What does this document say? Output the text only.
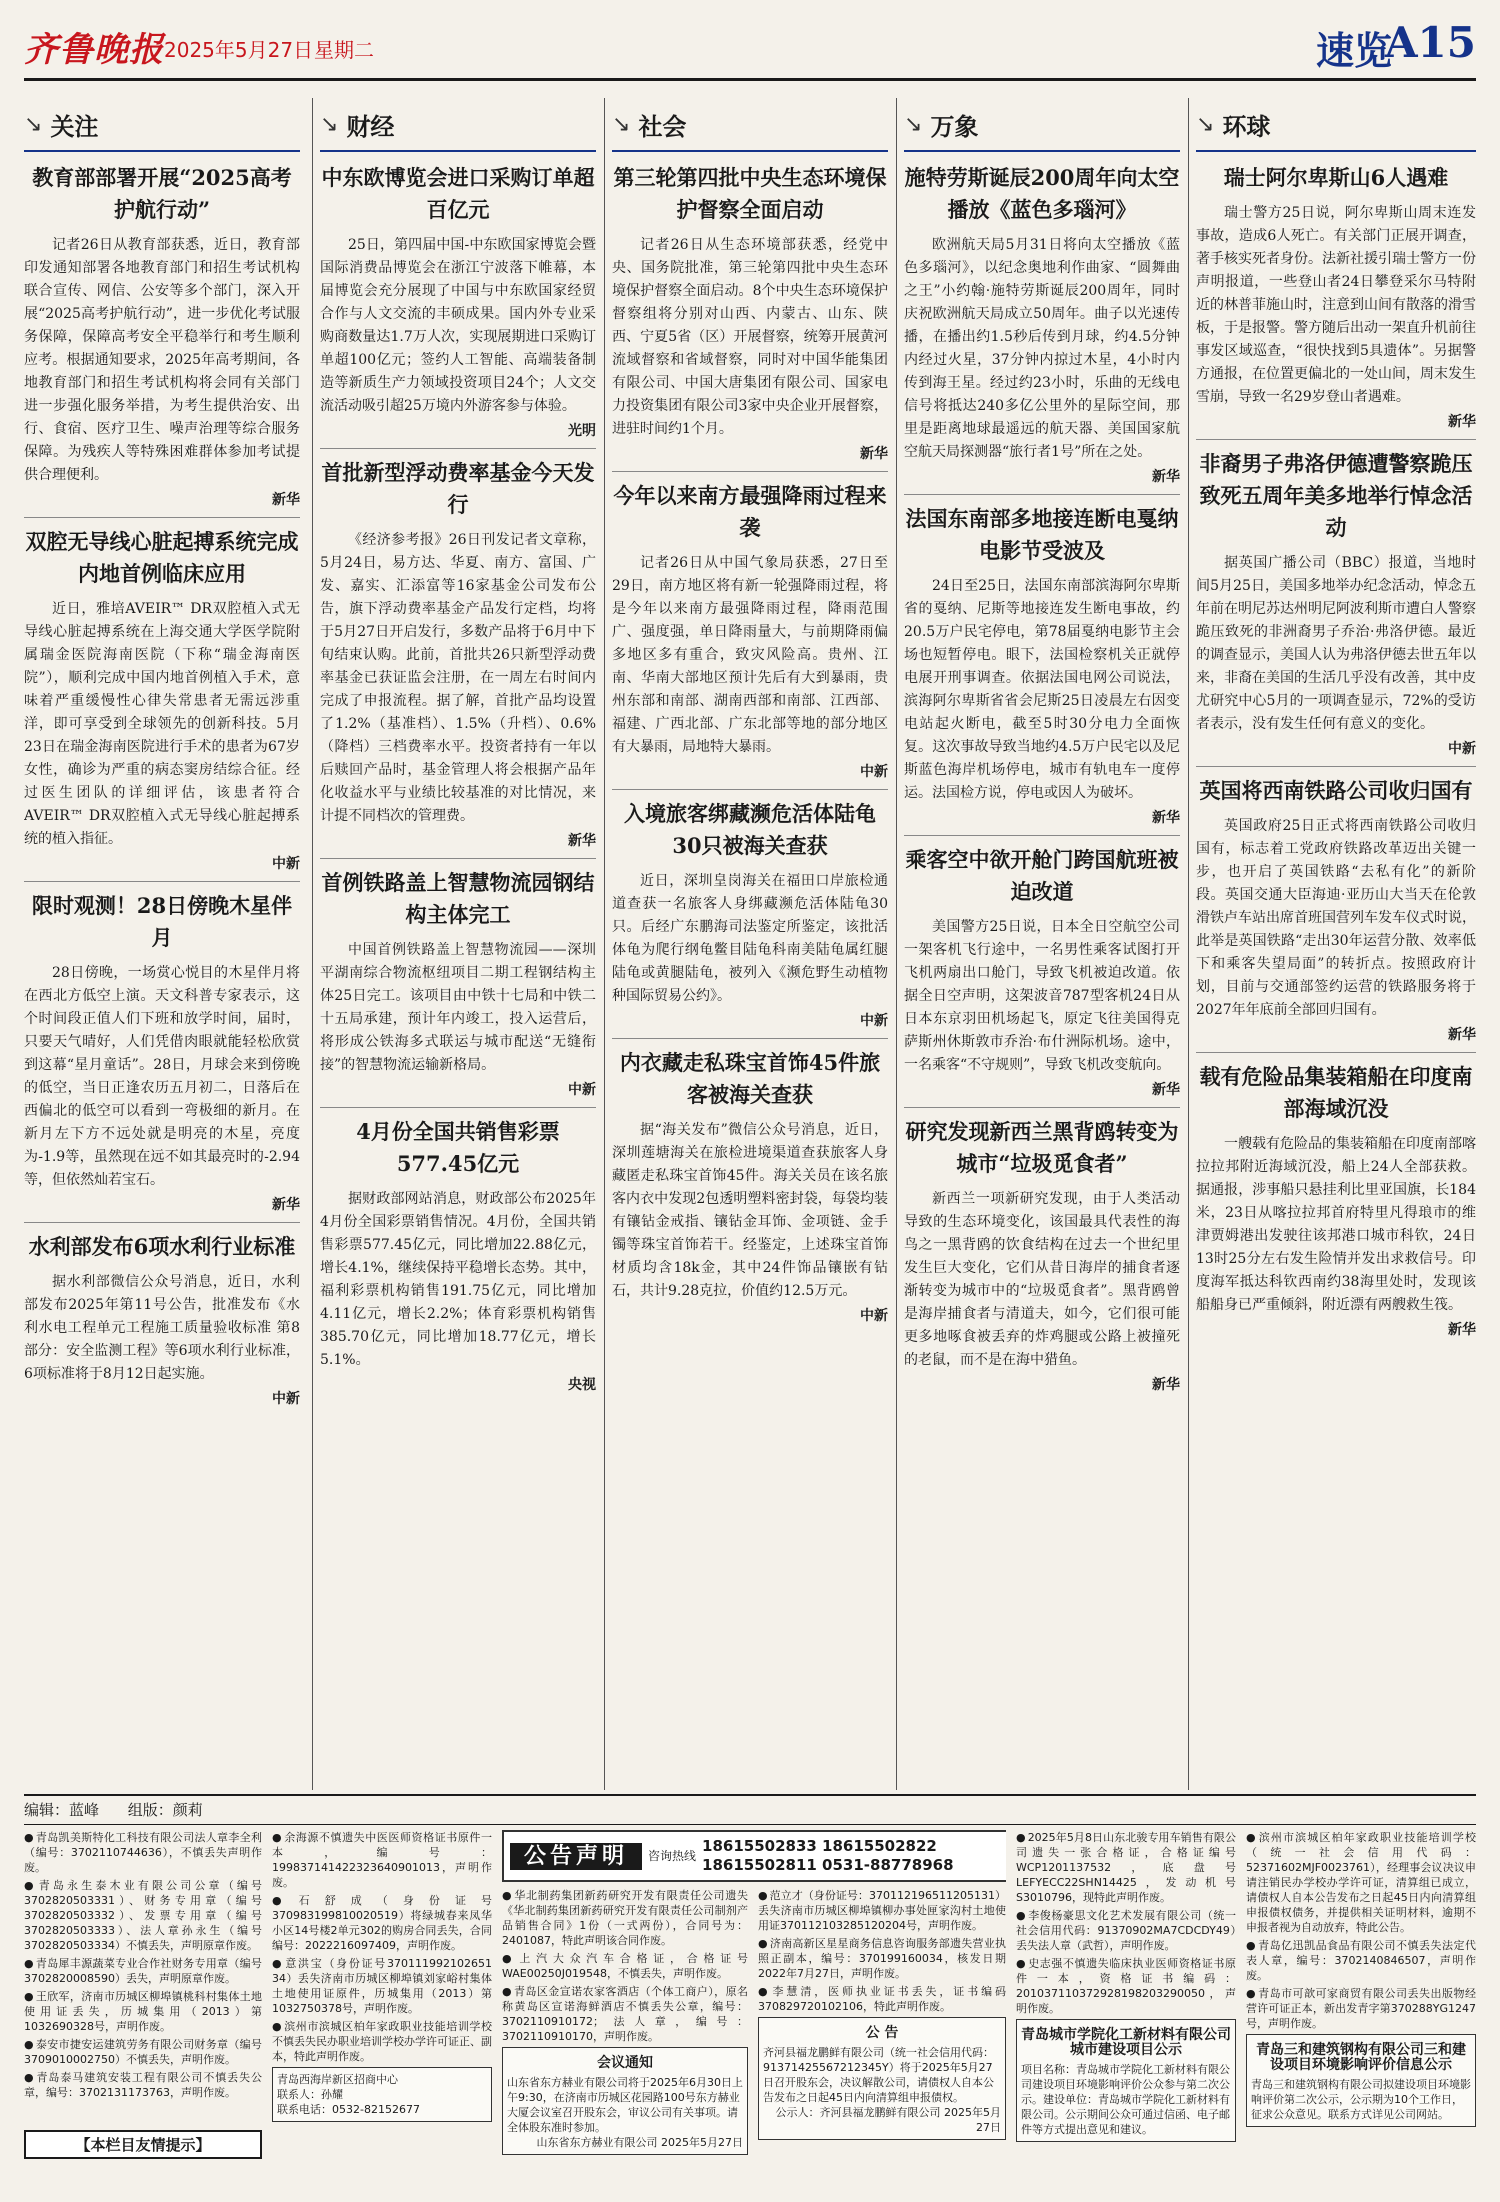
齐鲁晚报 2025年5月27日 星期二	速览
A15
↘ 关注
教育部部署开展“2025高考护航行动”

记者26日从教育部获悉，近日，教育部印发通知部署各地教育部门和招生考试机构联合宣传、网信、公安等多个部门，深入开展“2025高考护航行动”，进一步优化考试服务保障，保障高考安全平稳举行和考生顺利应考。根据通知要求，2025年高考期间，各地教育部门和招生考试机构将会同有关部门进一步强化服务举措，为考生提供治安、出行、食宿、医疗卫生、噪声治理等综合服务保障。为残疾人等特殊困难群体参加考试提供合理便利。

新华
双腔无导线心脏起搏系统完成内地首例临床应用

近日，雅培AVEIR™ DR双腔植入式无导线心脏起搏系统在上海交通大学医学院附属瑞金医院海南医院（下称“瑞金海南医院”），顺利完成中国内地首例植入手术，意味着严重缓慢性心律失常患者无需远涉重洋，即可享受到全球领先的创新科技。5月23日在瑞金海南医院进行手术的患者为67岁女性，确诊为严重的病态窦房结综合征。经过医生团队的详细评估，该患者符合AVEIR™ DR双腔植入式无导线心脏起搏系统的植入指征。

中新
限时观测！28日傍晚木星伴月

28日傍晚，一场赏心悦目的木星伴月将在西北方低空上演。天文科普专家表示，这个时间段正值人们下班和放学时间，届时，只要天气晴好，人们凭借肉眼就能轻松欣赏到这幕“星月童话”。28日，月球会来到傍晚的低空，当日正逢农历五月初二，日落后在西偏北的低空可以看到一弯极细的新月。在新月左下方不远处就是明亮的木星，亮度为-1.9等，虽然现在远不如其最亮时的-2.94等，但依然灿若宝石。

新华
水利部发布6项水利行业标准

据水利部微信公众号消息，近日，水利部发布2025年第11号公告，批准发布《水利水电工程单元工程施工质量验收标准 第8部分：安全监测工程》等6项水利行业标准，6项标准将于8月12日起实施。

中新
↘ 财经
中东欧博览会进口采购订单超百亿元

25日，第四届中国-中东欧国家博览会暨国际消费品博览会在浙江宁波落下帷幕，本届博览会充分展现了中国与中东欧国家经贸合作与人文交流的丰硕成果。国内外专业采购商数量达1.7万人次，实现展期进口采购订单超100亿元；签约人工智能、高端装备制造等新质生产力领域投资项目24个；人文交流活动吸引超25万境内外游客参与体验。

光明
首批新型浮动费率基金今天发行

《经济参考报》26日刊发记者文章称，5月24日，易方达、华夏、南方、富国、广发、嘉实、汇添富等16家基金公司发布公告，旗下浮动费率基金产品发行定档，均将于5月27日开启发行，多数产品将于6月中下旬结束认购。此前，首批共26只新型浮动费率基金已获证监会注册，在一周左右时间内完成了申报流程。据了解，首批产品均设置了1.2%（基准档）、1.5%（升档）、0.6%（降档）三档费率水平。投资者持有一年以后赎回产品时，基金管理人将会根据产品年化收益水平与业绩比较基准的对比情况，来计提不同档次的管理费。

新华
首例铁路盖上智慧物流园钢结构主体完工

中国首例铁路盖上智慧物流园——深圳平湖南综合物流枢纽项目二期工程钢结构主体25日完工。该项目由中铁十七局和中铁二十五局承建，预计年内竣工，投入运营后，将形成公铁海多式联运与城市配送“无缝衔接”的智慧物流运输新格局。

中新
4月份全国共销售彩票577.45亿元

据财政部网站消息，财政部公布2025年4月份全国彩票销售情况。4月份，全国共销售彩票577.45亿元，同比增加22.88亿元，增长4.1%，继续保持平稳增长态势。其中，福利彩票机构销售191.75亿元，同比增加4.11亿元，增长2.2%；体育彩票机构销售385.70亿元，同比增加18.77亿元，增长5.1%。

央视
↘ 社会
第三轮第四批中央生态环境保护督察全面启动

记者26日从生态环境部获悉，经党中央、国务院批准，第三轮第四批中央生态环境保护督察全面启动。8个中央生态环境保护督察组将分别对山西、内蒙古、山东、陕西、宁夏5省（区）开展督察，统筹开展黄河流域督察和省域督察，同时对中国华能集团有限公司、中国大唐集团有限公司、国家电力投资集团有限公司3家中央企业开展督察，进驻时间约1个月。

新华
今年以来南方最强降雨过程来袭

记者26日从中国气象局获悉，27日至29日，南方地区将有新一轮强降雨过程，将是今年以来南方最强降雨过程，降雨范围广、强度强，单日降雨量大，与前期降雨偏多地区多有重合，致灾风险高。贵州、江南、华南大部地区预计先后有大到暴雨，贵州东部和南部、湖南西部和南部、江西部、福建、广西北部、广东北部等地的部分地区有大暴雨，局地特大暴雨。

中新
入境旅客绑藏濒危活体陆龟30只被海关查获

近日，深圳皇岗海关在福田口岸旅检通道查获一名旅客人身绑藏濒危活体陆龟30只。后经广东鹏海司法鉴定所鉴定，该批活体龟为爬行纲龟鳖目陆龟科南美陆龟属红腿陆龟或黄腿陆龟，被列入《濒危野生动植物种国际贸易公约》。

中新
内衣藏走私珠宝首饰45件旅客被海关查获

据“海关发布”微信公众号消息，近日，深圳莲塘海关在旅检进境渠道查获旅客人身藏匿走私珠宝首饰45件。海关关员在该名旅客内衣中发现2包透明塑料密封袋，每袋均装有镶钻金戒指、镶钻金耳饰、金项链、金手镯等珠宝首饰若干。经鉴定，上述珠宝首饰材质均含18k金，其中24件饰品镶嵌有钻石，共计9.28克拉，价值约12.5万元。

中新
↘ 万象
施特劳斯诞辰200周年向太空播放《蓝色多瑙河》

欧洲航天局5月31日将向太空播放《蓝色多瑙河》，以纪念奥地利作曲家、“圆舞曲之王”小约翰·施特劳斯诞辰200周年，同时庆祝欧洲航天局成立50周年。曲子以光速传播，在播出约1.5秒后传到月球，约4.5分钟内经过火星，37分钟内掠过木星，4小时内传到海王星。经过约23小时，乐曲的无线电信号将抵达240多亿公里外的星际空间，那里是距离地球最遥远的航天器、美国国家航空航天局探测器“旅行者1号”所在之处。

新华
法国东南部多地接连断电戛纳电影节受波及

24日至25日，法国东南部滨海阿尔卑斯省的戛纳、尼斯等地接连发生断电事故，约20.5万户民宅停电，第78届戛纳电影节主会场也短暂停电。眼下，法国检察机关正就停电展开刑事调查。依据法国电网公司说法，滨海阿尔卑斯省省会尼斯25日凌晨左右因变电站起火断电，截至5时30分电力全面恢复。这次事故导致当地约4.5万户民宅以及尼斯蓝色海岸机场停电，城市有轨电车一度停运。法国检方说，停电或因人为破坏。

新华
乘客空中欲开舱门跨国航班被迫改道

美国警方25日说，日本全日空航空公司一架客机飞行途中，一名男性乘客试图打开飞机两扇出口舱门，导致飞机被迫改道。依据全日空声明，这架波音787型客机24日从日本东京羽田机场起飞，原定飞往美国得克萨斯州休斯敦市乔治·布什洲际机场。途中，一名乘客“不守规则”，导致飞机改变航向。

新华
研究发现新西兰黑背鸥转变为城市“垃圾觅食者”

新西兰一项新研究发现，由于人类活动导致的生态环境变化，该国最具代表性的海鸟之一黑背鸥的饮食结构在过去一个世纪里发生巨大变化，它们从昔日海岸的捕食者逐渐转变为城市中的“垃圾觅食者”。黑背鸥曾是海岸捕食者与清道夫，如今，它们很可能更多地啄食被丢弃的炸鸡腿或公路上被撞死的老鼠，而不是在海中猎鱼。

新华
↘ 环球
瑞士阿尔卑斯山6人遇难

瑞士警方25日说，阿尔卑斯山周末连发事故，造成6人死亡。有关部门正展开调查，著手核实死者身份。法新社援引瑞士警方一份声明报道，一些登山者24日攀登采尔马特附近的林普菲施山时，注意到山间有散落的滑雪板，于是报警。警方随后出动一架直升机前往事发区域巡查，“很快找到5具遗体”。另据警方通报，在位置更偏北的一处山间，周末发生雪崩，导致一名29岁登山者遇难。

新华
非裔男子弗洛伊德遭警察跪压致死五周年美多地举行悼念活动

据英国广播公司（BBC）报道，当地时间5月25日，美国多地举办纪念活动，悼念五年前在明尼苏达州明尼阿波利斯市遭白人警察跪压致死的非洲裔男子乔治·弗洛伊德。最近的调查显示，美国人认为弗洛伊德去世五年以来，非裔在美国的生活几乎没有改善，其中皮尤研究中心5月的一项调查显示，72%的受访者表示，没有发生任何有意义的变化。

中新
英国将西南铁路公司收归国有

英国政府25日正式将西南铁路公司收归国有，标志着工党政府铁路改革迈出关键一步，也开启了英国铁路“去私有化”的新阶段。英国交通大臣海迪·亚历山大当天在伦敦滑铁卢车站出席首班国营列车发车仪式时说，此举是英国铁路“走出30年运营分散、效率低下和乘客失望局面”的转折点。按照政府计划，目前与交通部签约运营的铁路服务将于2027年年底前全部回归国有。

新华
载有危险品集装箱船在印度南部海域沉没

一艘载有危险品的集装箱船在印度南部喀拉拉邦附近海域沉没，船上24人全部获救。据通报，涉事船只悬挂利比里亚国旗，长184米，23日从喀拉拉邦首府特里凡得琅市的维津贾姆港出发驶往该邦港口城市科钦，24日13时25分左右发生险情并发出求救信号。印度海军抵达科钦西南约38海里处时，发现该船船身已严重倾斜，附近漂有两艘救生筏。

新华
编辑：蓝峰 组版：颜莉
● 青岛凯美斯特化工科技有限公司法人章李全利（编号：3702110744636），不慎丢失声明作废。
● 青岛永生泰木业有限公司公章（编号3702820503331）、财务专用章（编号3702820503332）、发票专用章（编号3702820503333）、法人章孙永生（编号3702820503334）不慎丢失，声明原章作废。
● 青岛犀丰源蔬菜专业合作社财务专用章（编号3702820008590）丢失，声明原章作废。
● 王欣军，济南市历城区柳埠镇桃科村集体土地使用证丢失，历城集用（2013）第1032690328号，声明作废。
● 泰安市捷安运建筑劳务有限公司财务章（编号3709010002750）不慎丢失，声明作废。
● 青岛泰马建筑安装工程有限公司不慎丢失公章，编号：3702131173763，声明作废。
【本栏目友情提示】
● 余海源不慎遗失中医医师资格证书原件一本，编号：199837141422323640901013，声明作废。
● 石舒成（身份证号370983199810020519）将绿城春来凤华小区14号楼2单元302的购房合同丢失，合同编号：2022216097409，声明作废。
● 意洪宝（身份证号370111992102651​34）丢失济南市历城区柳埠镇刘家峪村集体土地使用证原件，历城集用（2013）第1032750378号，声明作废。
● 滨州市滨城区柏年家政职业技能培训学校不慎丢失民办职业培训学校办学许可证正、副本，特此声明作废。
青岛西海岸新区招商中心
联系人：孙耀
联系电话：0532-82152677
公告声明	咨询热线
18615502833 18615502822
18615502811 0531-88778968
● 华北制药集团新药研究开发有限责任公司遗失《华北制药集团新药研究开发有限责任公司制剂产品销售合同》1份（一式两份），合同号为：2401087，特此声明该合同作废。
● 上汽大众汽车合格证，合格证号WAE00250J019548，不慎丢失，声明作废。
● 青岛区金宣诺农家客酒店（个体工商户），原名称黄岛区宣诺海鲜酒店不慎丢失公章，编号：3702110910172；法人章，编号：3702110910170，声明作废。
会议通知
山东省东方赫业有限公司将于2025年6月30日上午9:30，在济南市历城区花园路100号东方赫业大厦会议室召开股东会，审议公司有关事项。请全体股东准时参加。
山东省东方赫业有限公司 2025年5月27日
● 范立才（身份证号：370112196511205131）丢失济南市历城区柳埠镇柳办事处匣家沟村土地使用证370112103285120204号，声明作废。
● 济南高新区星星商务信息咨询服务部遗失营业执照正副本，编号：370199160034，核发日期2022年7月27日，声明作废。
● 李慧清，医师执业证书丢失，证书编码370829720102106，特此声明作废。
公 告
齐河县福龙鹏鲜有限公司（统一社会信用代码：91371425567212345Y）将于2025年5月27日召开股东会，决议解散公司，请债权人自本公告发布之日起45日内向清算组申报债权。
公示人：齐河县福龙鹏鲜有限公司 2025年5月27日
● 2025年5月8日山东北骏专用车销售有限公司遗失一张合格证，合格证编号WCP1201137532，底盘号LEFYECC22SHN14425，发动机号S3010796，现特此声明作废。
● 李俊杨豪思文化艺术发展有限公司（统一社会信用代码：91370902MA7CDCDY49）丢失法人章（武哲），声明作废。
● 史志强不慎遗失临床执业医师资格证书原件一本，资格证书编码：201037110372928198203290050，声明作废。
青岛城市学院化工新材料有限公司城市建设项目公示
项目名称：青岛城市学院化工新材料有限公司建设项目环境影响评价公众参与第二次公示。建设单位：青岛城市学院化工新材料有限公司。公示期间公众可通过信函、电子邮件等方式提出意见和建议。
● 滨州市滨城区柏年家政职业技能培训学校（统一社会信用代码：52371602MJF0023761），经理事会议决议申请注销民办学校办学许可证，清算组已成立，请债权人自本公告发布之日起45日内向清算组申报债权债务，并提供相关证明材料，逾期不申报者视为自动放弃，特此公告。
● 青岛亿迅凯品食品有限公司不慎丢失法定代表人章，编号：3702140846507，声明作废。
● 青岛市可歆可家商贸有限公司丢失出版物经营许可证正本，新出发青字第370288YG1247号，声明作废。
青岛三和建筑钢构有限公司三和建设项目环境影响评价信息公示
青岛三和建筑钢构有限公司拟建设项目环境影响评价第二次公示，公示期为10个工作日，征求公众意见。联系方式详见公司网站。
